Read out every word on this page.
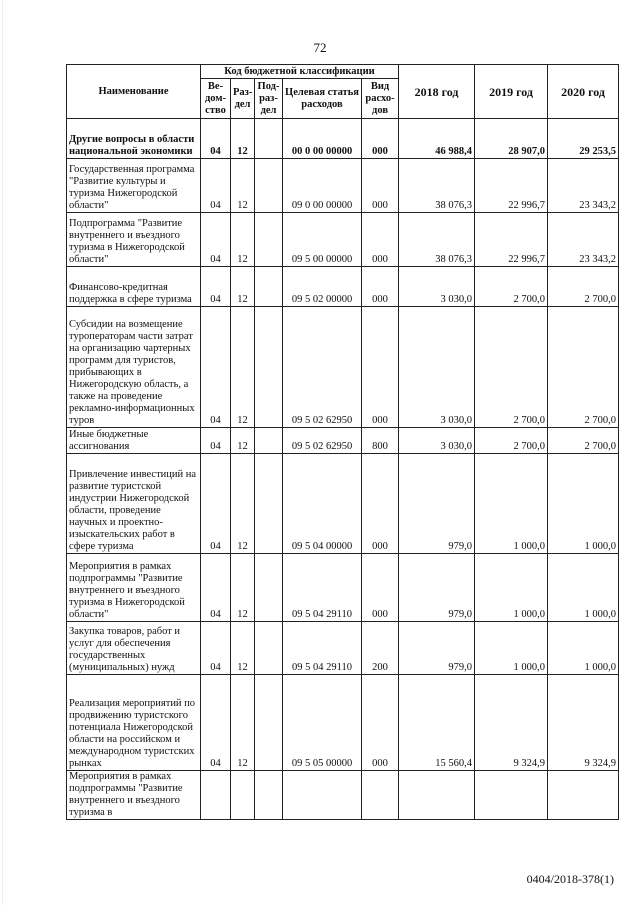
72
Наименование	Код бюджетной классификации					2018 год	2019 год	2020 год
	Ве-дом-ство	Раз-дел	Под-раз-дел	Целевая статья расходов	Вид расхо-дов			
Другие вопросы в области национальной экономики	04	12		00 0 00 00000	000	46 988,4	28 907,0	29 253,5
Государственная программа "Развитие культуры и туризма Нижегородской области"	04	12		09 0 00 00000	000	38 076,3	22 996,7	23 343,2
Подпрограмма "Развитие внутреннего и въездного туризма в Нижегородской области"	04	12		09 5 00 00000	000	38 076,3	22 996,7	23 343,2
Финансово-кредитная поддержка в сфере туризма	04	12		09 5 02 00000	000	3 030,0	2 700,0	2 700,0
Субсидии на возмещение туроператорам части затрат на организацию чартерных программ для туристов, прибывающих в Нижегородскую область, а также на проведение рекламно-информационных туров	04	12		09 5 02 62950	000	3 030,0	2 700,0	2 700,0
Иные бюджетные ассигнования	04	12		09 5 02 62950	800	3 030,0	2 700,0	2 700,0
Привлечение инвестиций на развитие туристской индустрии Нижегородской области, проведение научных и проектно-изыскательских работ в сфере туризма	04	12		09 5 04 00000	000	979,0	1 000,0	1 000,0
Мероприятия в рамках подпрограммы "Развитие внутреннего и въездного туризма в Нижегородской области"	04	12		09 5 04 29110	000	979,0	1 000,0	1 000,0
Закупка товаров, работ и услуг для обеспечения государственных (муниципальных) нужд	04	12		09 5 04 29110	200	979,0	1 000,0	1 000,0
Реализация мероприятий по продвижению туристского потенциала Нижегородской области на российском и международном туристских рынках	04	12		09 5 05 00000	000	15 560,4	9 324,9	9 324,9
Мероприятия в рамках подпрограммы "Развитие внутреннего и въездного туризма в								
0404/2018-378(1)
